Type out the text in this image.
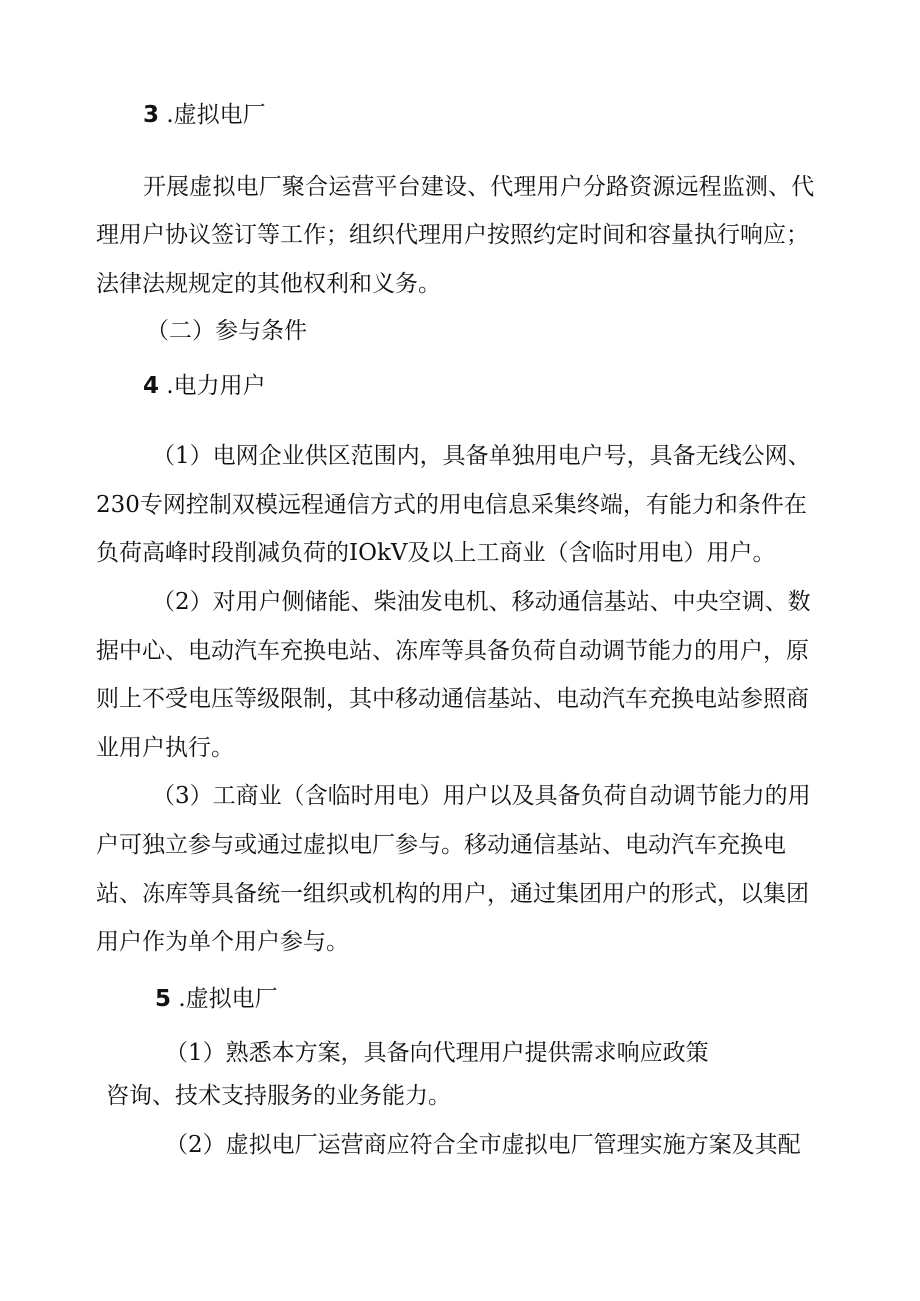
3 .虚拟电厂
开展虚拟电厂聚合运营平台建设、代理用户分路资源远程监测、代
理用户协议签订等工作；组织代理用户按照约定时间和容量执行响应；
法律法规规定的其他权利和义务。
（二）参与条件
4 .电力用户
（1）电网企业供区范围内，具备单独用电户号，具备无线公网、
230专网控制双模远程通信方式的用电信息采集终端，有能力和条件在
负荷高峰时段削减负荷的IOkV及以上工商业（含临时用电）用户。
（2）对用户侧储能、柴油发电机、移动通信基站、中央空调、数
据中心、电动汽车充换电站、冻库等具备负荷自动调节能力的用户，原
则上不受电压等级限制，其中移动通信基站、电动汽车充换电站参照商
业用户执行。
（3）工商业（含临时用电）用户以及具备负荷自动调节能力的用
户可独立参与或通过虚拟电厂参与。移动通信基站、电动汽车充换电
站、冻库等具备统一组织或机构的用户，通过集团用户的形式，以集团
用户作为单个用户参与。
5 .虚拟电厂
（1）熟悉本方案，具备向代理用户提供需求响应政策
咨询、技术支持服务的业务能力。
（2）虚拟电厂运营商应符合全市虚拟电厂管理实施方案及其配
